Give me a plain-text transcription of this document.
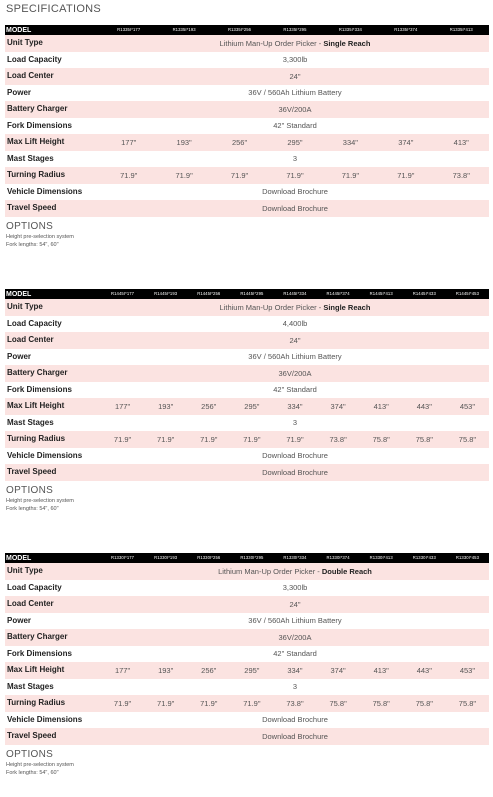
SPECIFICATIONS
MODEL	R1335I*177	R1335I*193	R1335I*256	R1335I*295	R1335I*334	R1335I*374	R1335I*413
Unit Type	Lithium Man-Up Order Picker - Single Reach						
Load Capacity	3,300lb						
Load Center	24"						
Power	36V / 560Ah Lithium Battery						
Battery Charger	36V/200A						
Fork Dimensions	42" Standard						
Max Lift Height	177"	193"	256"	295"	334"	374"	413"
Mast Stages	3						
Turning Radius	71.9"	71.9"	71.9"	71.9"	71.9"	71.9"	73.8"
Vehicle Dimensions	Download Brochure						
Travel Speed	Download Brochure						
OPTIONS
Height pre-selection system
Fork lengths: 54", 60"
MODEL	R1445I*177	R1445I*193	R1445I*256	R1445I*295	R1445I*334	R1445I*374	R1445I*413	R1445I*433	R1445I*453
Unit Type	Lithium Man-Up Order Picker - Single Reach								
Load Capacity	4,400lb								
Load Center	24"								
Power	36V / 560Ah Lithium Battery								
Battery Charger	36V/200A								
Fork Dimensions	42" Standard								
Max Lift Height	177"	193"	256"	295"	334"	374"	413"	443"	453"
Mast Stages	3								
Turning Radius	71.9"	71.9"	71.9"	71.9"	71.9"	73.8"	75.8"	75.8"	75.8"
Vehicle Dimensions	Download Brochure								
Travel Speed	Download Brochure								
OPTIONS
Height pre-selection system
Fork lengths: 54", 60"
MODEL	R1330I*177	R1330I*193	R1330I*256	R1330I*295	R1330I*334	R1330I*374	R1330I*413	R1330I*433	R1330I*453
Unit Type	Lithium Man-Up Order Picker - Double Reach								
Load Capacity	3,300lb								
Load Center	24"								
Power	36V / 560Ah Lithium Battery								
Battery Charger	36V/200A								
Fork Dimensions	42" Standard								
Max Lift Height	177"	193"	256"	295"	334"	374"	413"	443"	453"
Mast Stages	3								
Turning Radius	71.9"	71.9"	71.9"	71.9"	73.8"	75.8"	75.8"	75.8"	75.8"
Vehicle Dimensions	Download Brochure								
Travel Speed	Download Brochure								
OPTIONS
Height pre-selection system
Fork lengths: 54", 60"
